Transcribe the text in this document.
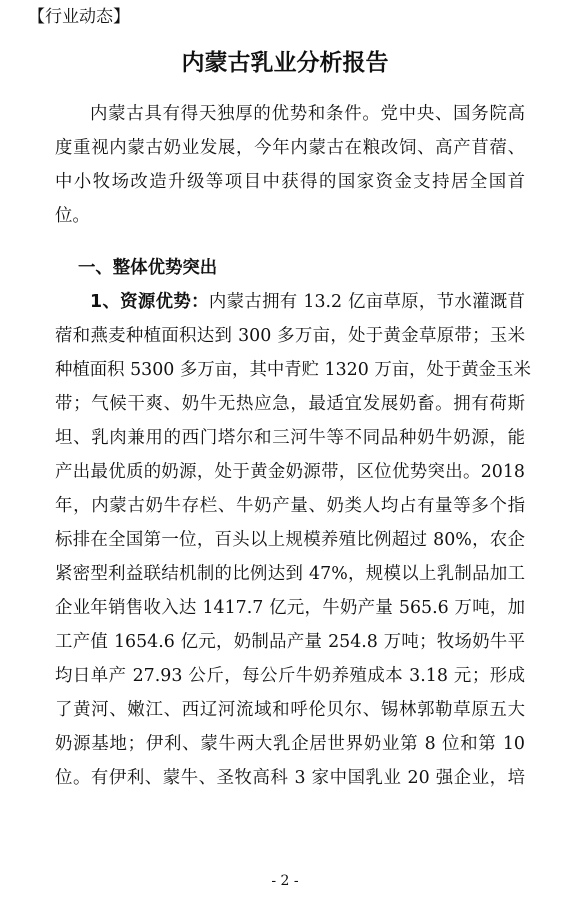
【行业动态】
内蒙古乳业分析报告
内蒙古具有得天独厚的优势和条件。党中央、国务院高
度重视内蒙古奶业发展，今年内蒙古在粮改饲、高产苜蓿、
中小牧场改造升级等项目中获得的国家资金支持居全国首
位。
一、整体优势突出
1、资源优势：内蒙古拥有 13.2 亿亩草原，节水灌溉苜
蓿和燕麦种植面积达到 300 多万亩，处于黄金草原带；玉米
种植面积 5300 多万亩，其中青贮 1320 万亩，处于黄金玉米
带；气候干爽、奶牛无热应急，最适宜发展奶畜。拥有荷斯
坦、乳肉兼用的西门塔尔和三河牛等不同品种奶牛奶源，能
产出最优质的奶源，处于黄金奶源带，区位优势突出。2018
年，内蒙古奶牛存栏、牛奶产量、奶类人均占有量等多个指
标排在全国第一位，百头以上规模养殖比例超过 80%，农企
紧密型利益联结机制的比例达到 47%，规模以上乳制品加工
企业年销售收入达 1417.7 亿元，牛奶产量 565.6 万吨，加
工产值 1654.6 亿元，奶制品产量 254.8 万吨；牧场奶牛平
均日单产 27.93 公斤，每公斤牛奶养殖成本 3.18 元；形成
了黄河、嫩江、西辽河流域和呼伦贝尔、锡林郭勒草原五大
奶源基地；伊利、蒙牛两大乳企居世界奶业第 8 位和第 10
位。有伊利、蒙牛、圣牧高科 3 家中国乳业 20 强企业，培
- 2 -
